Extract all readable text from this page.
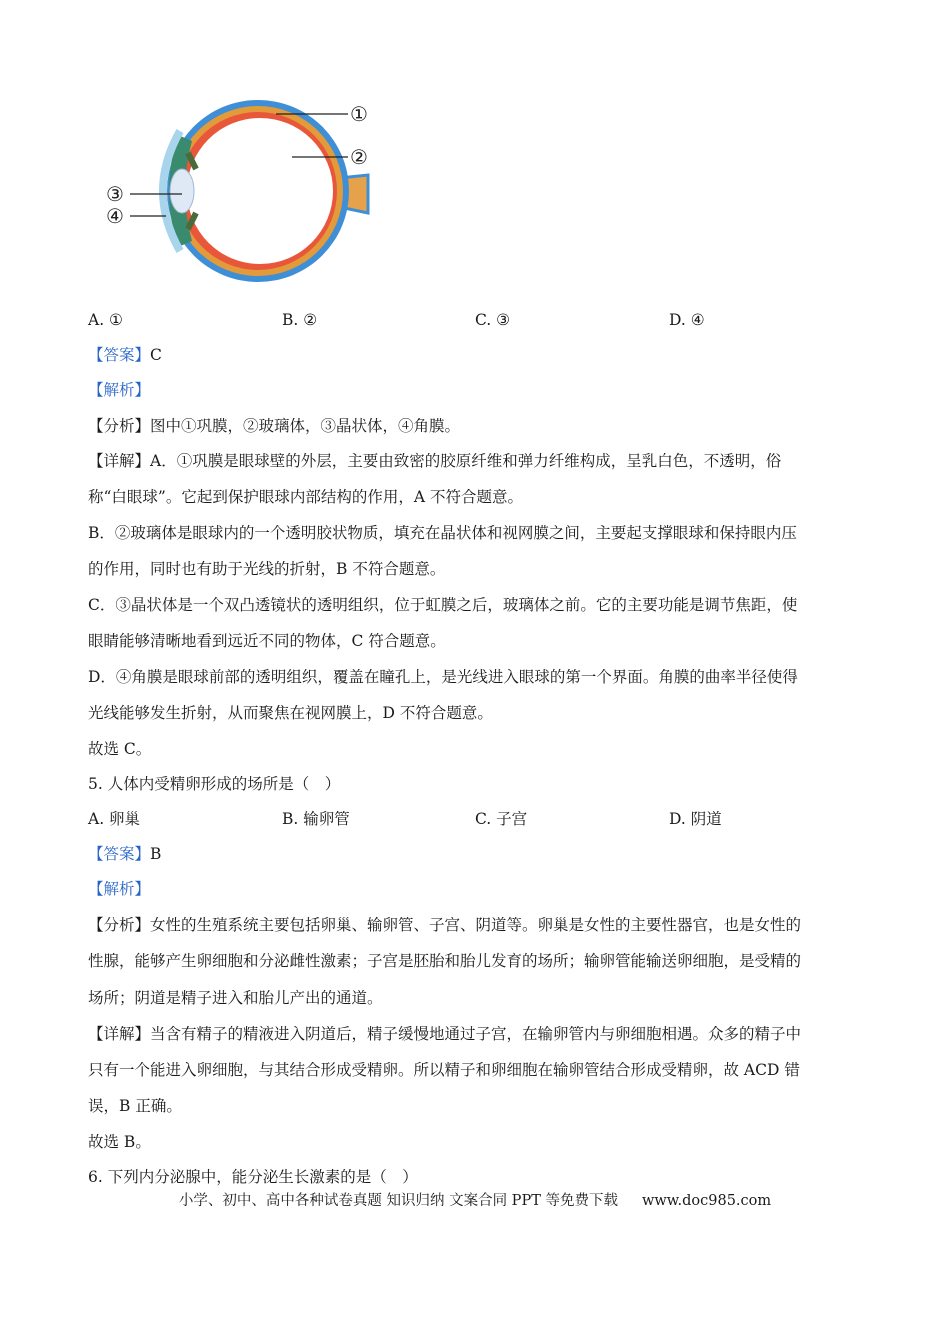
①
②
③
④
A. ①	B. ②	C. ③	D. ④
【答案】C
【解析】
【分析】图中①巩膜，②玻璃体，③晶状体，④角膜。
【详解】A．①巩膜是眼球壁的外层，主要由致密的胶原纤维和弹力纤维构成，呈乳白色，不透明，俗
称“白眼球”。它起到保护眼球内部结构的作用，A 不符合题意。
B．②玻璃体是眼球内的一个透明胶状物质，填充在晶状体和视网膜之间，主要起支撑眼球和保持眼内压
的作用，同时也有助于光线的折射，B 不符合题意。
C．③晶状体是一个双凸透镜状的透明组织，位于虹膜之后，玻璃体之前。它的主要功能是调节焦距，使
眼睛能够清晰地看到远近不同的物体，C 符合题意。
D．④角膜是眼球前部的透明组织，覆盖在瞳孔上，是光线进入眼球的第一个界面。角膜的曲率半径使得
光线能够发生折射，从而聚焦在视网膜上，D 不符合题意。
故选 C。
5. 人体内受精卵形成的场所是（　）
A. 卵巢	B. 输卵管	C. 子宫	D. 阴道
【答案】B
【解析】
【分析】女性的生殖系统主要包括卵巢、输卵管、子宫、阴道等。卵巢是女性的主要性器官，也是女性的
性腺，能够产生卵细胞和分泌雌性激素；子宫是胚胎和胎儿发育的场所；输卵管能输送卵细胞，是受精的
场所；阴道是精子进入和胎儿产出的通道。
【详解】当含有精子的精液进入阴道后，精子缓慢地通过子宫，在输卵管内与卵细胞相遇。众多的精子中
只有一个能进入卵细胞，与其结合形成受精卵。所以精子和卵细胞在输卵管结合形成受精卵，故 ACD 错
误，B 正确。
故选 B。
6. 下列内分泌腺中，能分泌生长激素的是（　）
小学、初中、高中各种试卷真题 知识归纳 文案合同 PPT 等免费下载 www.doc985.com
